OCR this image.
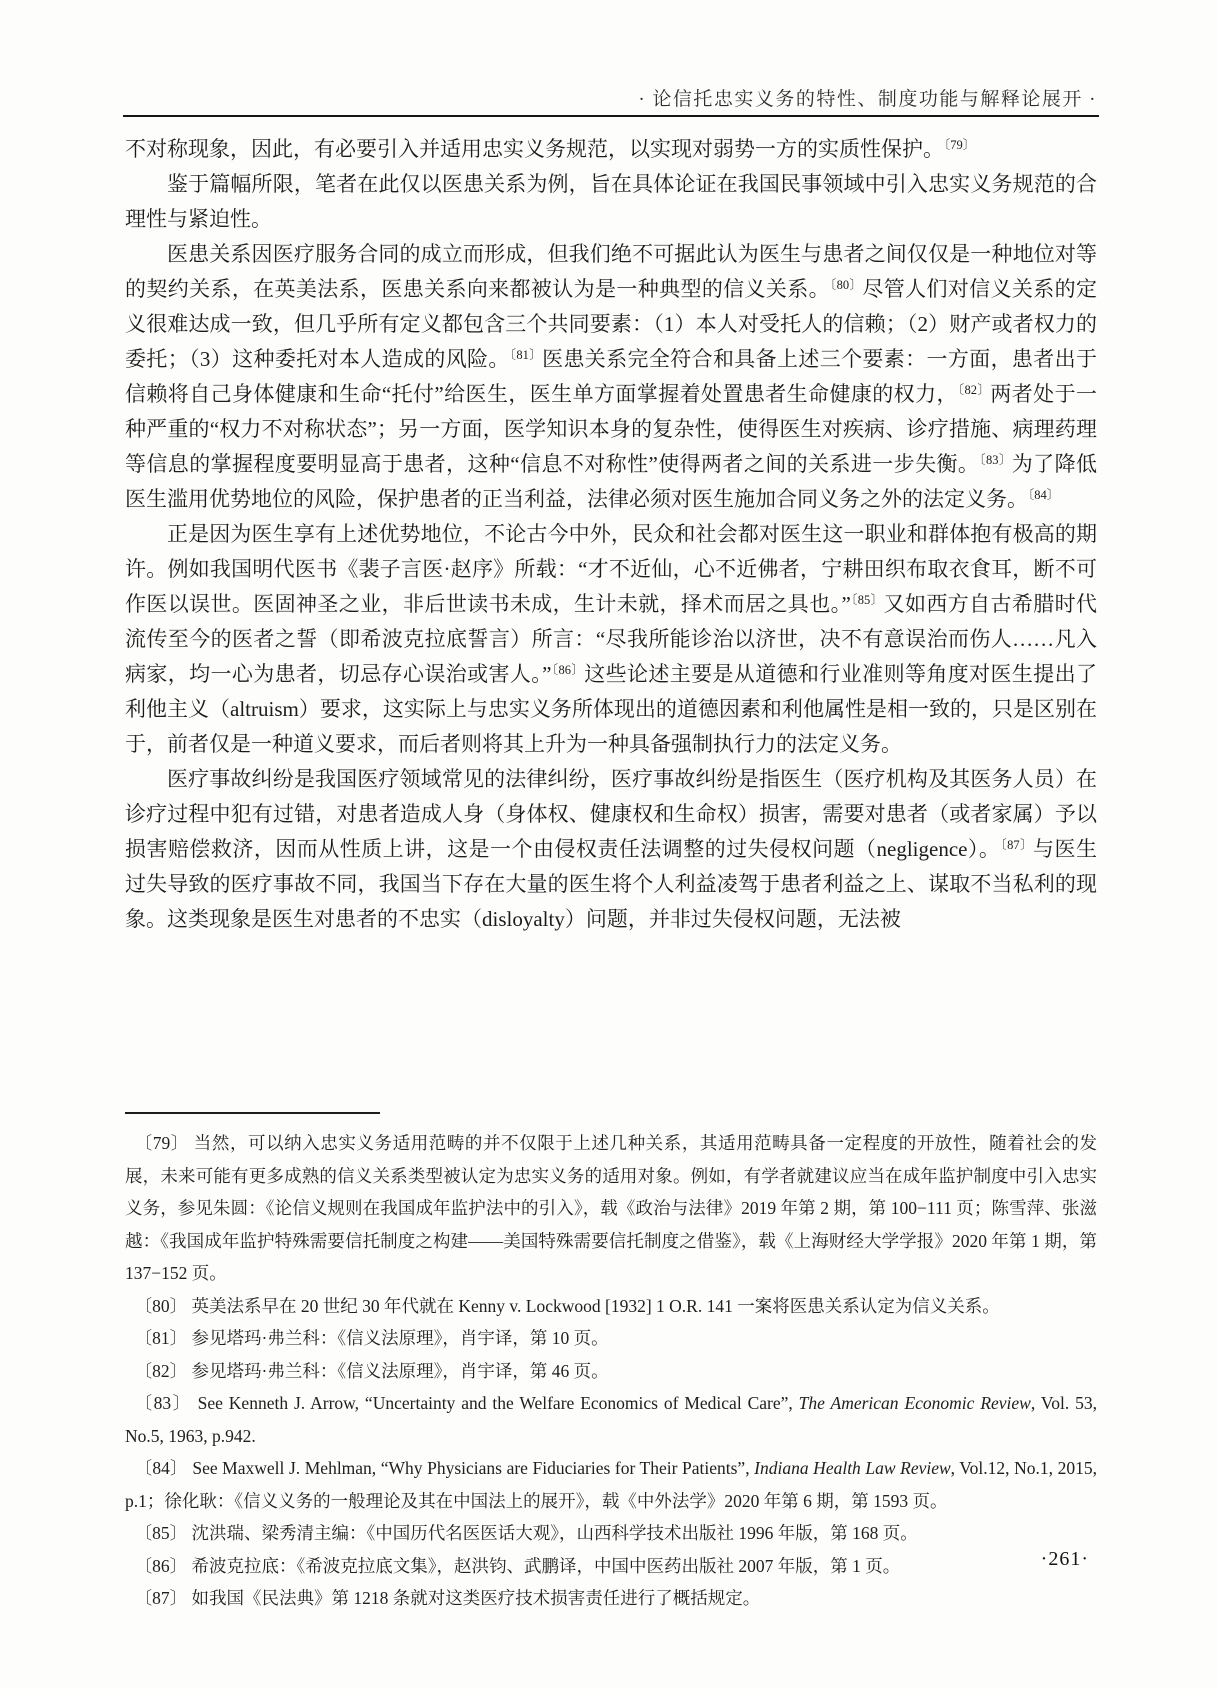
· 论信托忠实义务的特性、制度功能与解释论展开 ·

不对称现象，因此，有必要引入并适用忠实义务规范，以实现对弱势一方的实质性保护。$^{〔79〕}$

鉴于篇幅所限，笔者在此仅以医患关系为例，旨在具体论证在我国民事领域中引入忠实义务规范的合理性与紧迫性。

医患关系因医疗服务合同的成立而形成，但我们绝不可据此认为医生与患者之间仅仅是一种地位对等的契约关系，在英美法系，医患关系向来都被认为是一种典型的信义关系。$^{〔80〕}$尽管人们对信义关系的定义很难达成一致，但几乎所有定义都包含三个共同要素：（1）本人对受托人的信赖；（2）财产或者权力的委托；（3）这种委托对本人造成的风险。$^{〔81〕}$医患关系完全符合和具备上述三个要素：一方面，患者出于信赖将自己身体健康和生命“托付”给医生，医生单方面掌握着处置患者生命健康的权力，$^{〔82〕}$两者处于一种严重的“权力不对称状态”；另一方面，医学知识本身的复杂性，使得医生对疾病、诊疗措施、病理药理等信息的掌握程度要明显高于患者，这种“信息不对称性”使得两者之间的关系进一步失衡。$^{〔83〕}$为了降低医生滥用优势地位的风险，保护患者的正当利益，法律必须对医生施加合同义务之外的法定义务。$^{〔84〕}$

正是因为医生享有上述优势地位，不论古今中外，民众和社会都对医生这一职业和群体抱有极高的期许。例如我国明代医书《裴子言医·赵序》所载：“才不近仙，心不近佛者，宁耕田织布取衣食耳，断不可作医以误世。医固神圣之业，非后世读书未成，生计未就，择术而居之具也。”$^{〔85〕}$又如西方自古希腊时代流传至今的医者之誓（即希波克拉底誓言）所言：“尽我所能诊治以济世，决不有意误治而伤人……凡入病家，均一心为患者，切忌存心误治或害人。”$^{〔86〕}$这些论述主要是从道德和行业准则等角度对医生提出了利他主义（altruism）要求，这实际上与忠实义务所体现出的道德因素和利他属性是相一致的，只是区别在于，前者仅是一种道义要求，而后者则将其上升为一种具备强制执行力的法定义务。

医疗事故纠纷是我国医疗领域常见的法律纠纷，医疗事故纠纷是指医生（医疗机构及其医务人员）在诊疗过程中犯有过错，对患者造成人身（身体权、健康权和生命权）损害，需要对患者（或者家属）予以损害赔偿救济，因而从性质上讲，这是一个由侵权责任法调整的过失侵权问题（negligence）。$^{〔87〕}$与医生过失导致的医疗事故不同，我国当下存在大量的医生将个人利益凌驾于患者利益之上、谋取不当私利的现象。这类现象是医生对患者的不忠实（disloyalty）问题，并非过失侵权问题，无法被

〔79〕 当然，可以纳入忠实义务适用范畴的并不仅限于上述几种关系，其适用范畴具备一定程度的开放性，随着社会的发展，未来可能有更多成熟的信义关系类型被认定为忠实义务的适用对象。例如，有学者就建议应当在成年监护制度中引入忠实义务，参见朱圆：《论信义规则在我国成年监护法中的引入》，载《政治与法律》2019 年第 2 期，第 100−111 页；陈雪萍、张滋越：《我国成年监护特殊需要信托制度之构建——美国特殊需要信托制度之借鉴》，载《上海财经大学学报》2020 年第 1 期，第 137−152 页。

〔80〕 英美法系早在 20 世纪 30 年代就在 Kenny v. Lockwood [1932] 1 O.R. 141 一案将医患关系认定为信义关系。

〔81〕 参见塔玛·弗兰科：《信义法原理》，肖宇译，第 10 页。

〔82〕 参见塔玛·弗兰科：《信义法原理》，肖宇译，第 46 页。

〔83〕 See Kenneth J. Arrow, “Uncertainty and the Welfare Economics of Medical Care”, The American Economic Review, Vol. 53, No.5, 1963, p.942.

〔84〕 See Maxwell J. Mehlman, “Why Physicians are Fiduciaries for Their Patients”, Indiana Health Law Review, Vol.12, No.1, 2015, p.1；徐化耿：《信义义务的一般理论及其在中国法上的展开》，载《中外法学》2020 年第 6 期，第 1593 页。

〔85〕 沈洪瑞、梁秀清主编：《中国历代名医医话大观》，山西科学技术出版社 1996 年版，第 168 页。

〔86〕 希波克拉底：《希波克拉底文集》，赵洪钧、武鹏译，中国中医药出版社 2007 年版，第 1 页。

〔87〕 如我国《民法典》第 1218 条就对这类医疗技术损害责任进行了概括规定。

·261·
